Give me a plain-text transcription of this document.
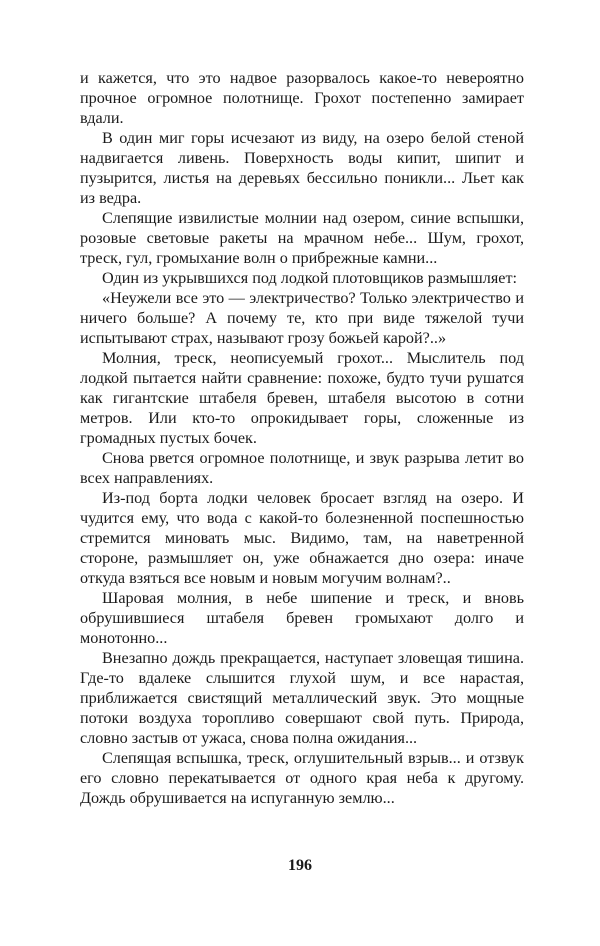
и кажется, что это надвое разорвалось какое-то невероятно прочное огромное полотнище. Грохот постепенно замирает вдали.

В один миг горы исчезают из виду, на озеро белой стеной надвигается ливень. Поверхность воды кипит, шипит и пузырится, листья на деревьях бессильно поникли... Льет как из ведра.

Слепящие извилистые молнии над озером, синие вспышки, розовые световые ракеты на мрачном небе... Шум, грохот, треск, гул, громыхание волн о прибрежные камни...

Один из укрывшихся под лодкой плотовщиков размышляет:

«Неужели все это — электричество? Только электричество и ничего больше? А почему те, кто при виде тяжелой тучи испытывают страх, называют грозу божьей карой?..»

Молния, треск, неописуемый грохот... Мыслитель под лодкой пытается найти сравнение: похоже, будто тучи рушатся как гигантские штабеля бревен, штабеля высотою в сотни метров. Или кто-то опрокидывает горы, сложенные из громадных пустых бочек.

Снова рвется огромное полотнище, и звук разрыва летит во всех направлениях.

Из-под борта лодки человек бросает взгляд на озеро. И чудится ему, что вода с какой-то болезненной поспешностью стремится миновать мыс. Видимо, там, на наветренной стороне, размышляет он, уже обнажается дно озера: иначе откуда взяться все новым и новым могучим волнам?..

Шаровая молния, в небе шипение и треск, и вновь обрушившиеся штабеля бревен громыхают долго и монотонно...

Внезапно дождь прекращается, наступает зловещая тишина. Где-то вдалеке слышится глухой шум, и все нарастая, приближается свистящий металлический звук. Это мощные потоки воздуха торопливо совершают свой путь. Природа, словно застыв от ужаса, снова полна ожидания...

Слепящая вспышка, треск, оглушительный взрыв... и отзвук его словно перекатывается от одного края неба к другому. Дождь обрушивается на испуганную землю...

196
